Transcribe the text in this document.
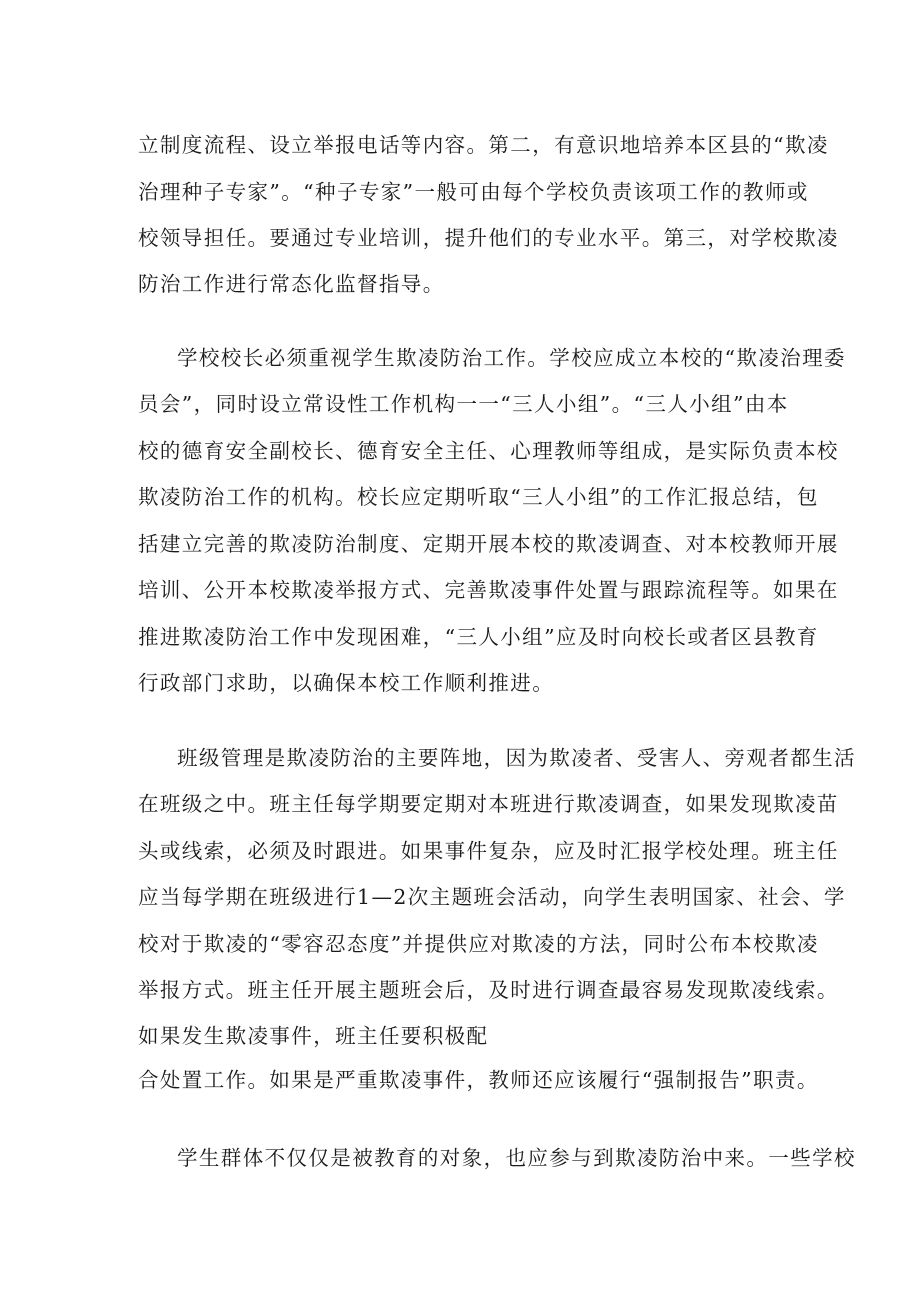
立制度流程、设立举报电话等内容。第二，有意识地培养本区县的“欺凌

治理种子专家”。“种子专家”一般可由每个学校负责该项工作的教师或

校领导担任。要通过专业培训，提升他们的专业水平。第三，对学校欺凌

防治工作进行常态化监督指导。

学校校长必须重视学生欺凌防治工作。学校应成立本校的“欺凌治理委

员会”，同时设立常设性工作机构一一“三人小组”。“三人小组”由本

校的德育安全副校长、德育安全主任、心理教师等组成，是实际负责本校

欺凌防治工作的机构。校长应定期听取“三人小组”的工作汇报总结，包

括建立完善的欺凌防治制度、定期开展本校的欺凌调查、对本校教师开展

培训、公开本校欺凌举报方式、完善欺凌事件处置与跟踪流程等。如果在

推进欺凌防治工作中发现困难，“三人小组”应及时向校长或者区县教育

行政部门求助，以确保本校工作顺利推进。

班级管理是欺凌防治的主要阵地，因为欺凌者、受害人、旁观者都生活

在班级之中。班主任每学期要定期对本班进行欺凌调查，如果发现欺凌苗

头或线索，必须及时跟进。如果事件复杂，应及时汇报学校处理。班主任

应当每学期在班级进行1—2次主题班会活动，向学生表明国家、社会、学

校对于欺凌的“零容忍态度”并提供应对欺凌的方法，同时公布本校欺凌

举报方式。班主任开展主题班会后，及时进行调查最容易发现欺凌线索。

如果发生欺凌事件，班主任要积极配

合处置工作。如果是严重欺凌事件，教师还应该履行“强制报告”职责。

学生群体不仅仅是被教育的对象，也应参与到欺凌防治中来。一些学校
